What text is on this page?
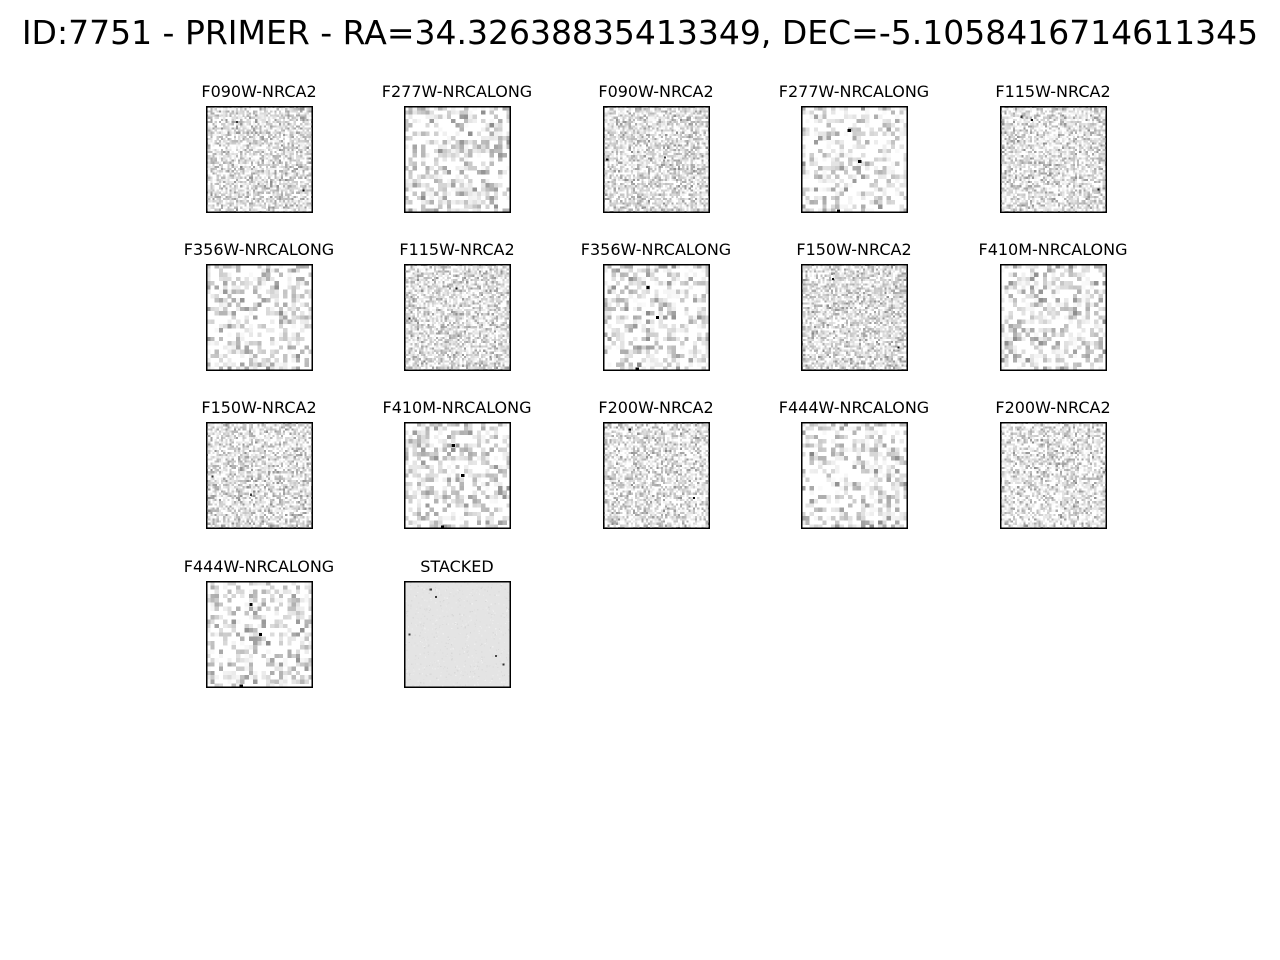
ID:7751 - PRIMER - RA=34.32638835413349, DEC=-5.1058416714611345
F090W-NRCA2	F277W-NRCALONG	F090W-NRCA2	F277W-NRCALONG	F115W-NRCA2
F356W-NRCALONG	F115W-NRCA2	F356W-NRCALONG	F150W-NRCA2	F410M-NRCALONG
F150W-NRCA2	F410M-NRCALONG	F200W-NRCA2	F444W-NRCALONG	F200W-NRCA2
F444W-NRCALONG	STACKED
